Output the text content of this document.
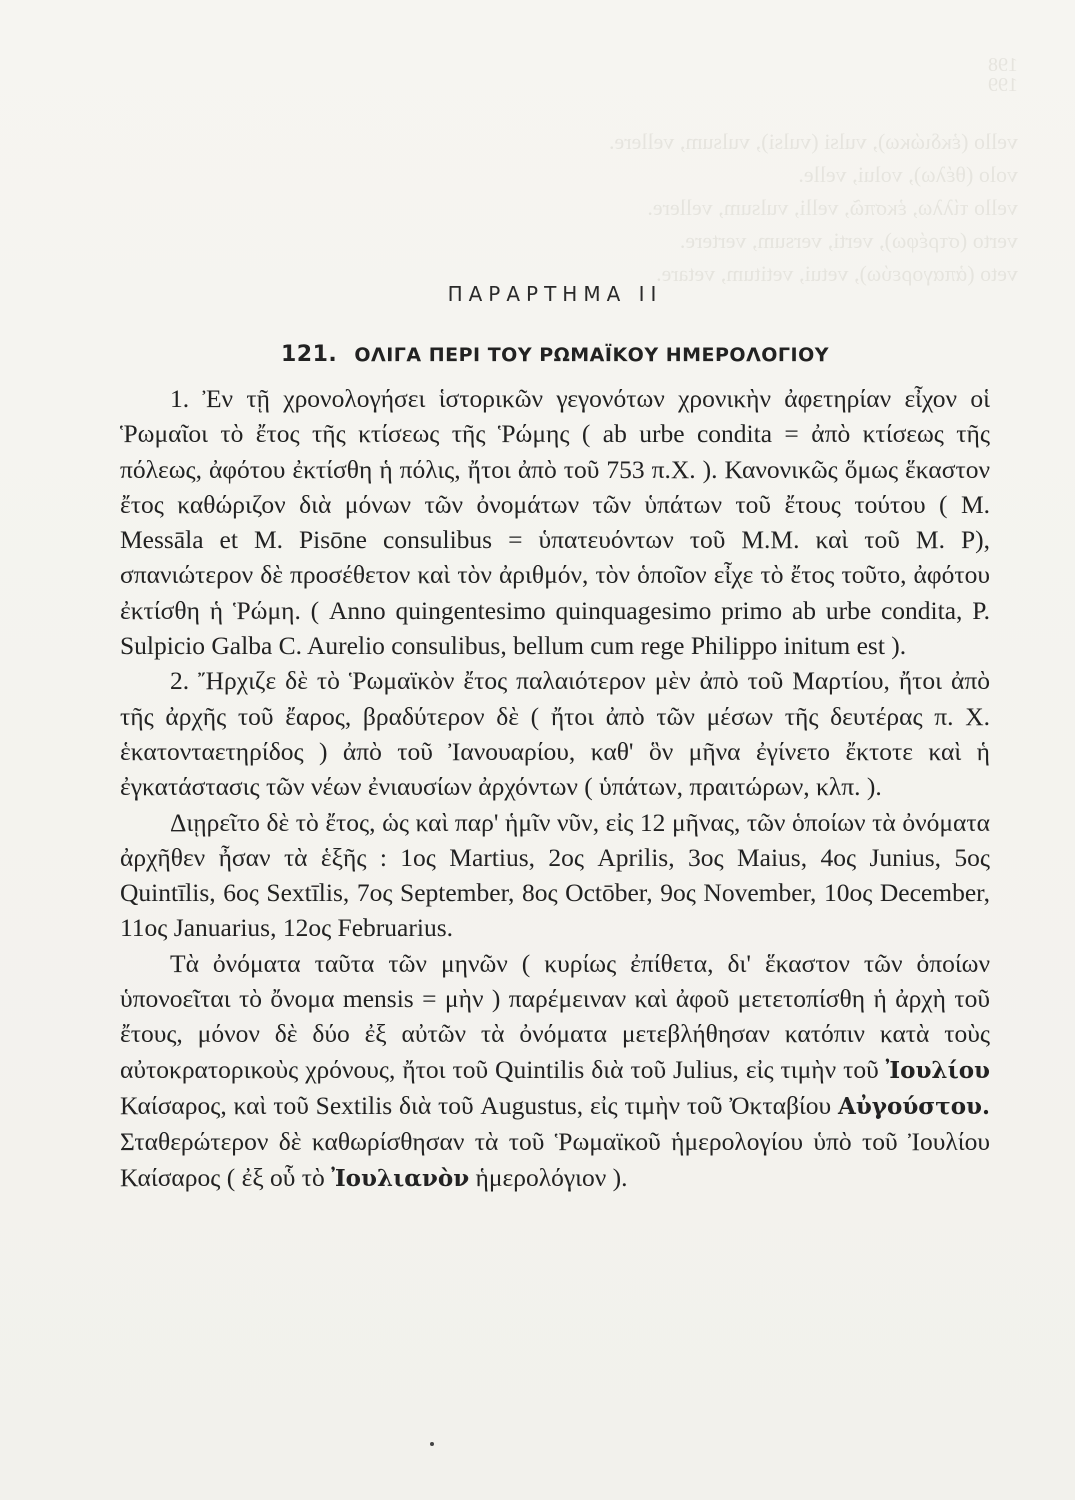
198
199
vello (ἐκδιώκω), vulsi (vulsi), vulsum, vellere.
volo (θέλω), volui, velle.
vello τίλλω, ἐκσπῶ, velli, vulsum, vellere.
verto (στρέφω), verti, versum, vertere.
veto (ἀπαγορεύω), vetui, vetitum, vetare.
ΠΑΡΑΡΤΗΜΑ II
121. ΟΛΙΓΑ ΠΕΡΙ ΤΟΥ ΡΩΜΑΪΚΟΥ ΗΜΕΡΟΛΟΓΙΟΥ

1. Ἐν τῇ χρονολογήσει ἱστορικῶν γεγονότων χρονικὴν ἀφετηρίαν εἶχον οἱ Ῥωμαῖοι τὸ ἔτος τῆς κτίσεως τῆς Ῥώμης ( ab urbe condita = ἀπὸ κτίσεως τῆς πόλεως, ἀφότου ἐκτίσθη ἡ πόλις, ἤτοι ἀπὸ τοῦ 753 π.Χ. ). Κανονικῶς ὅμως ἕκαστον ἔτος καθώριζον διὰ μόνων τῶν ὀνομάτων τῶν ὑπάτων τοῦ ἔτους τούτου ( M. Messāla et M. Pisōne consulibus = ὑπατευόντων τοῦ Μ.Μ. καὶ τοῦ Μ. Ρ), σπανιώτερον δὲ προσέθετον καὶ τὸν ἀριθμόν, τὸν ὁποῖον εἶχε τὸ ἔτος τοῦτο, ἀφότου ἐκτίσθη ἡ Ῥώμη. ( Anno quingentesimo quinquagesimo primo ab urbe condita, P. Sulpicio Galba C. Aurelio consulibus, bellum cum rege Philippo initum est ).

2. Ἤρχιζε δὲ τὸ Ῥωμαϊκὸν ἔτος παλαιότερον μὲν ἀπὸ τοῦ Μαρτίου, ἤτοι ἀπὸ τῆς ἀρχῆς τοῦ ἔαρος, βραδύτερον δὲ ( ἤτοι ἀπὸ τῶν μέσων τῆς δευτέρας π. Χ. ἑκατονταετηρίδος ) ἀπὸ τοῦ Ἰανουαρίου, καθ' ὃν μῆνα ἐγίνετο ἔκτοτε καὶ ἡ ἐγκατάστασις τῶν νέων ἐνιαυσίων ἀρχόντων ( ὑπάτων, πραιτώρων, κλπ. ).

Διῃρεῖτο δὲ τὸ ἔτος, ὡς καὶ παρ' ἡμῖν νῦν, εἰς 12 μῆνας, τῶν ὁποίων τὰ ὀνόματα ἀρχῆθεν ἦσαν τὰ ἑξῆς : 1ος Martius, 2ος Aprilis, 3ος Maius, 4ος Junius, 5ος Quintīlis, 6ος Sextīlis, 7ος September, 8ος Octōber, 9ος November, 10ος December, 11ος Januarius, 12ος Februarius.

Τὰ ὀνόματα ταῦτα τῶν μηνῶν ( κυρίως ἐπίθετα, δι' ἕκαστον τῶν ὁποίων ὑπονοεῖται τὸ ὄνομα mensis = μὴν ) παρέμειναν καὶ ἀφοῦ μετετοπίσθη ἡ ἀρχὴ τοῦ ἔτους, μόνον δὲ δύο ἐξ αὐτῶν τὰ ὀνόματα μετεβλήθησαν κατόπιν κατὰ τοὺς αὐτοκρατορικοὺς χρόνους, ἤτοι τοῦ Quintilis διὰ τοῦ Julius, εἰς τιμὴν τοῦ Ἰουλίου Καίσαρος, καὶ τοῦ Sextilis διὰ τοῦ Augustus, εἰς τιμὴν τοῦ Ὀκταβίου Αὐγούστου. Σταθερώτερον δὲ καθωρίσθησαν τὰ τοῦ Ῥωμαϊκοῦ ἡμερολογίου ὑπὸ τοῦ Ἰουλίου Καίσαρος ( ἐξ οὗ τὸ Ἰουλιανὸν ἡμερολόγιον ).
